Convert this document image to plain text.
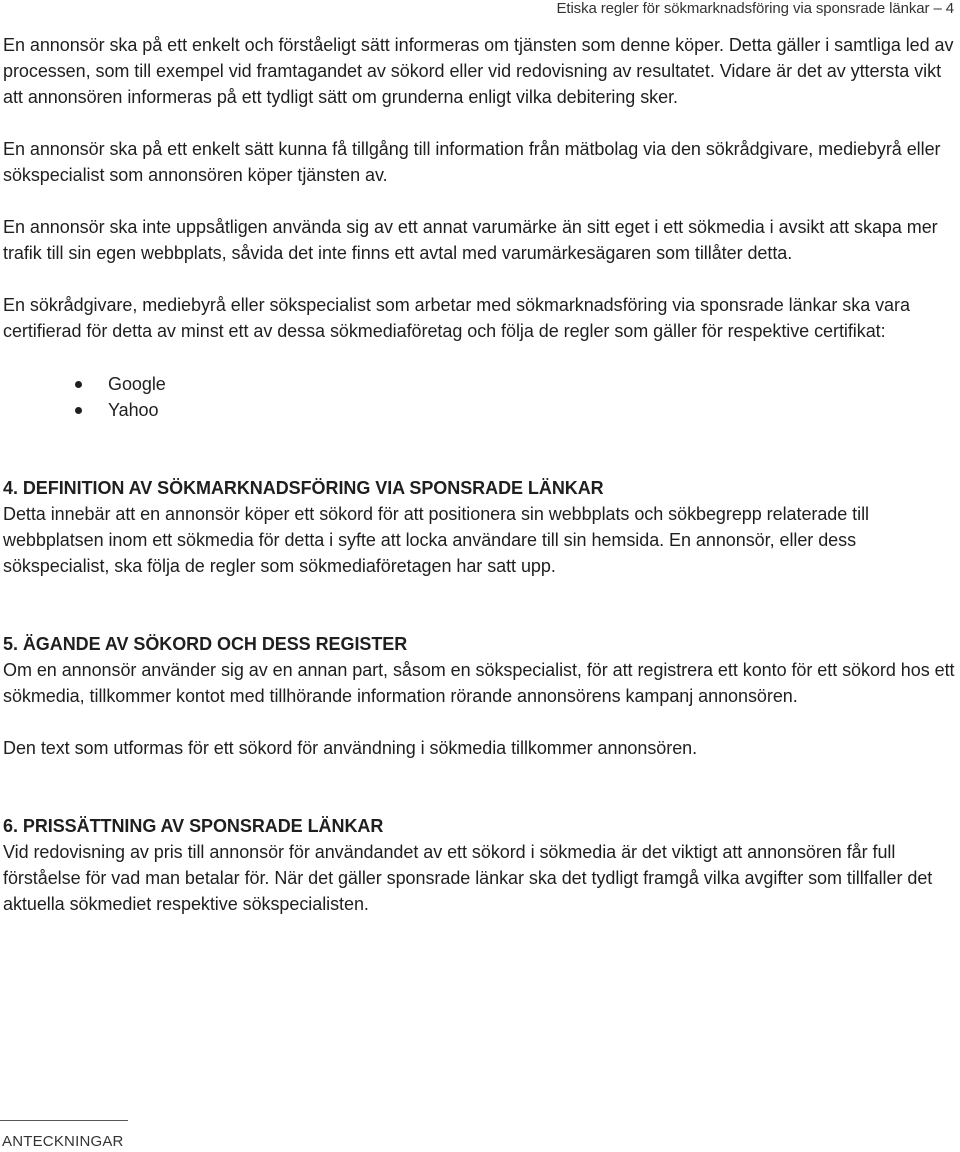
Etiska regler för sökmarknadsföring via sponsrade länkar – 4

En annonsör ska på ett enkelt och förståeligt sätt informeras om tjänsten som denne köper. Detta gäller i samtliga led av processen, som till exempel vid framtagandet av sökord eller vid redovisning av resultatet. Vidare är det av yttersta vikt att annonsören informeras på ett tydligt sätt om grunderna enligt vilka debitering sker.

En annonsör ska på ett enkelt sätt kunna få tillgång till information från mätbolag via den sökrådgivare, mediebyrå eller sökspecialist som annonsören köper tjänsten av.

En annonsör ska inte uppsåtligen använda sig av ett annat varumärke än sitt eget i ett sökmedia i avsikt att skapa mer trafik till sin egen webbplats, såvida det inte finns ett avtal med varumärkesägaren som tillåter detta.

En sökrådgivare, mediebyrå eller sökspecialist som arbetar med sökmarknadsföring via sponsrade länkar ska vara certifierad för detta av minst ett av dessa sökmediaföretag och följa de regler som gäller för respektive certifikat:

Google
Yahoo
4. DEFINITION AV SÖKMARKNADSFÖRING VIA SPONSRADE LÄNKAR

Detta innebär att en annonsör köper ett sökord för att positionera sin webbplats och sökbegrepp relaterade till webbplatsen inom ett sökmedia för detta i syfte att locka användare till sin hemsida. En annonsör, eller dess sökspecialist, ska följa de regler som sökmediaföretagen har satt upp.

5. ÄGANDE AV SÖKORD OCH DESS REGISTER

Om en annonsör använder sig av en annan part, såsom en sökspecialist, för att registrera ett konto för ett sökord hos ett sökmedia, tillkommer kontot med tillhörande information rörande annonsörens kampanj annonsören.

Den text som utformas för ett sökord för användning i sökmedia tillkommer annonsören.

6. PRISSÄTTNING AV SPONSRADE LÄNKAR

Vid redovisning av pris till annonsör för användandet av ett sökord i sökmedia är det viktigt att annonsören får full förståelse för vad man betalar för. När det gäller sponsrade länkar ska det tydligt framgå vilka avgifter som tillfaller det aktuella sökmediet respektive sökspecialisten.

ANTECKNINGAR
